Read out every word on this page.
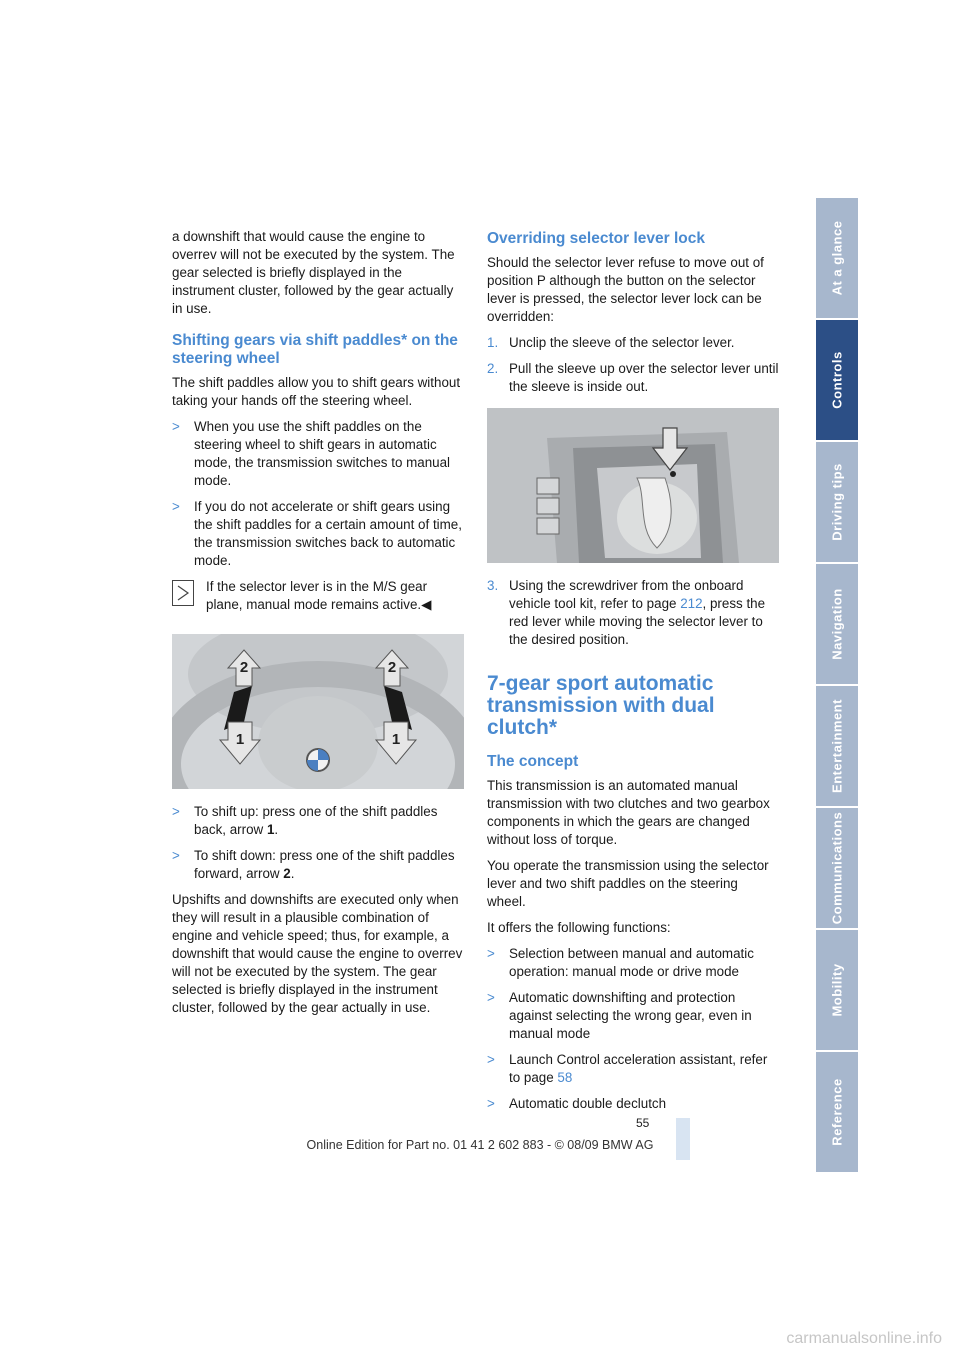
a downshift that would cause the engine to overrev will not be executed by the system. The gear selected is briefly displayed in the instrument cluster, followed by the gear actually in use.

Shifting gears via shift paddles* on the steering wheel

The shift paddles allow you to shift gears without taking your hands off the steering wheel.

> When you use the shift paddles on the steering wheel to shift gears in automatic mode, the transmission switches to manual mode.
> If you do not accelerate or shift gears using the shift paddles for a certain amount of time, the transmission switches back to automatic mode.
If the selector lever is in the M/S gear plane, manual mode remains active.◀
2	2
1	1
> To shift up: press one of the shift paddles back, arrow 1.
> To shift down: press one of the shift paddles forward, arrow 2.

Upshifts and downshifts are executed only when they will result in a plausible combination of engine and vehicle speed; thus, for example, a downshift that would cause the engine to overrev will not be executed by the system. The gear selected is briefly displayed in the instrument cluster, followed by the gear actually in use.

Overriding selector lever lock

Should the selector lever refuse to move out of position P although the button on the selector lever is pressed, the selector lever lock can be overridden:

1. Unclip the sleeve of the selector lever.
2. Pull the sleeve up over the selector lever until the sleeve is inside out.
3. Using the screwdriver from the onboard vehicle tool kit, refer to page 212, press the red lever while moving the selector lever to the desired position.
7-gear sport automatic transmission with dual clutch*
The concept

This transmission is an automated manual transmission with two clutches and two gearbox components in which the gears are changed without loss of torque.

You operate the transmission using the selector lever and two shift paddles on the steering wheel.

It offers the following functions:

> Selection between manual and automatic operation: manual mode or drive mode
> Automatic downshifting and protection against selecting the wrong gear, even in manual mode
> Launch Control acceleration assistant, refer to page 58
> Automatic double declutch
At a glance
Controls
Driving tips
Navigation
Entertainment
Communications
Mobility
Reference
55
Online Edition for Part no. 01 41 2 602 883 - © 08/09 BMW AG
carmanualsonline.info
